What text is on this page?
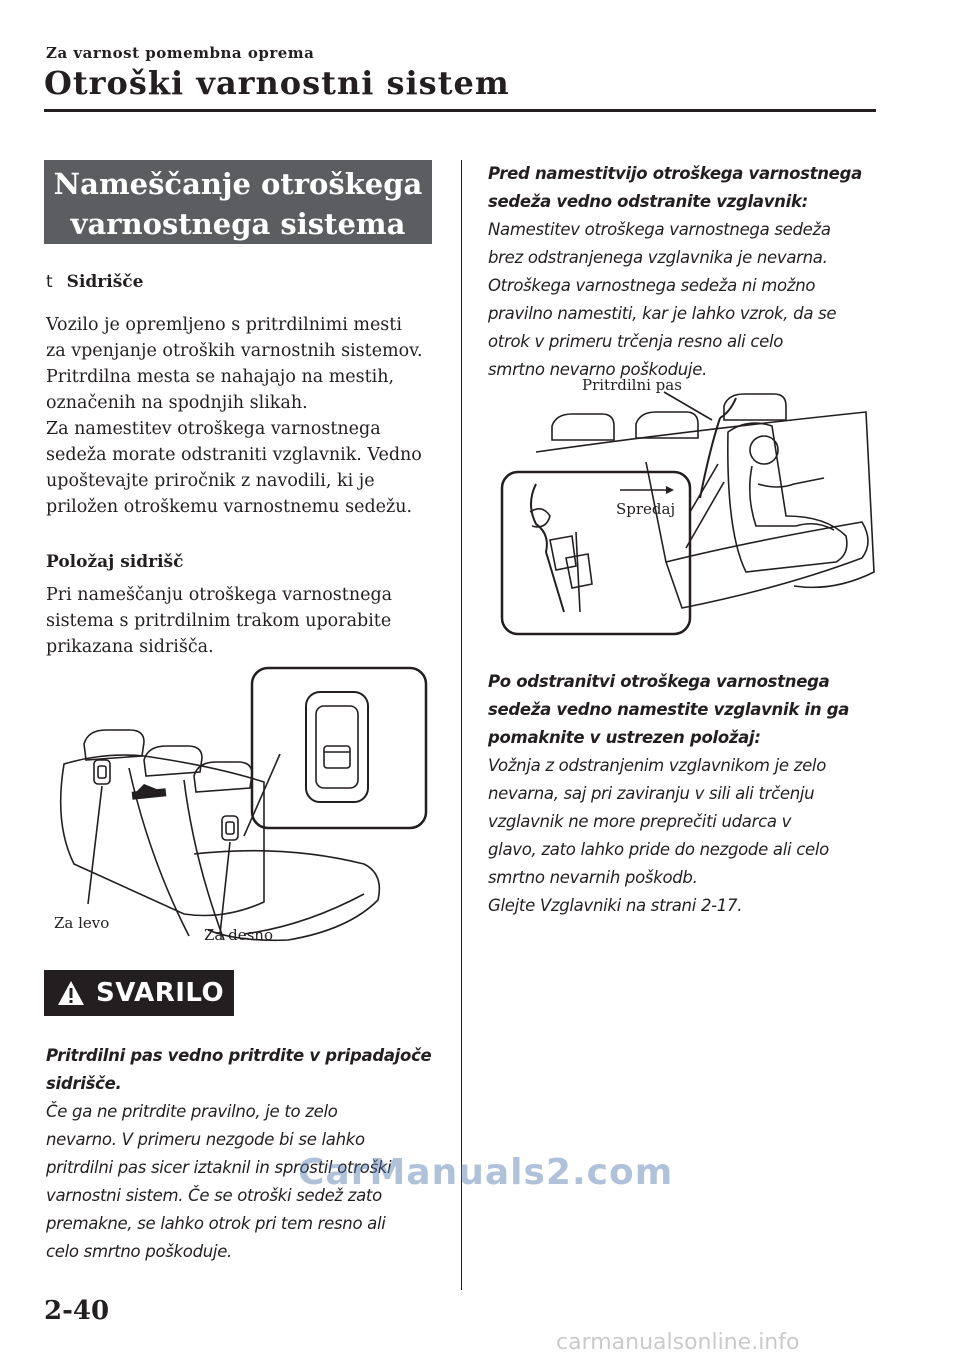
Za varnost pomembna oprema
Otroški varnostni sistem
Nameščanje otroškega
varnostnega sistema
t Sidrišče

Vozilo je opremljeno s pritrdilnimi mesti

za vpenjanje otroških varnostnih sistemov.

Pritrdilna mesta se nahajajo na mestih,

označenih na spodnjih slikah.

Za namestitev otroškega varnostnega

sedeža morate odstraniti vzglavnik. Vedno

upoštevajte priročnik z navodili, ki je

priložen otroškemu varnostnemu sedežu.

Položaj sidrišč

Pri nameščanju otroškega varnostnega

sistema s pritrdilnim trakom uporabite

prikazana sidrišča.

Za levo
Za desno
SVARILO
Pritrdilni pas vedno pritrdite v pripadajoče
sidrišče.
Če ga ne pritrdite pravilno, je to zelo
nevarno. V primeru nezgode bi se lahko
pritrdilni pas sicer iztaknil in sprostil otroški
varnostni sistem. Če se otroški sedež zato
premakne, se lahko otrok pri tem resno ali
celo smrtno poškoduje.
Pred namestitvijo otroškega varnostnega
sedeža vedno odstranite vzglavnik:
Namestitev otroškega varnostnega sedeža
brez odstranjenega vzglavnika je nevarna.
Otroškega varnostnega sedeža ni možno
pravilno namestiti, kar je lahko vzrok, da se
otrok v primeru trčenja resno ali celo
smrtno nevarno poškoduje.
Pritrdilni pas
Spredaj
Po odstranitvi otroškega varnostnega
sedeža vedno namestite vzglavnik in ga
pomaknite v ustrezen položaj:
Vožnja z odstranjenim vzglavnikom je zelo
nevarna, saj pri zaviranju v sili ali trčenju
vzglavnik ne more preprečiti udarca v
glavo, zato lahko pride do nezgode ali celo
smrtno nevarnih poškodb.
Glejte Vzglavniki na strani 2-17.
CarManuals2.com
2-40
carmanualsonline.info
